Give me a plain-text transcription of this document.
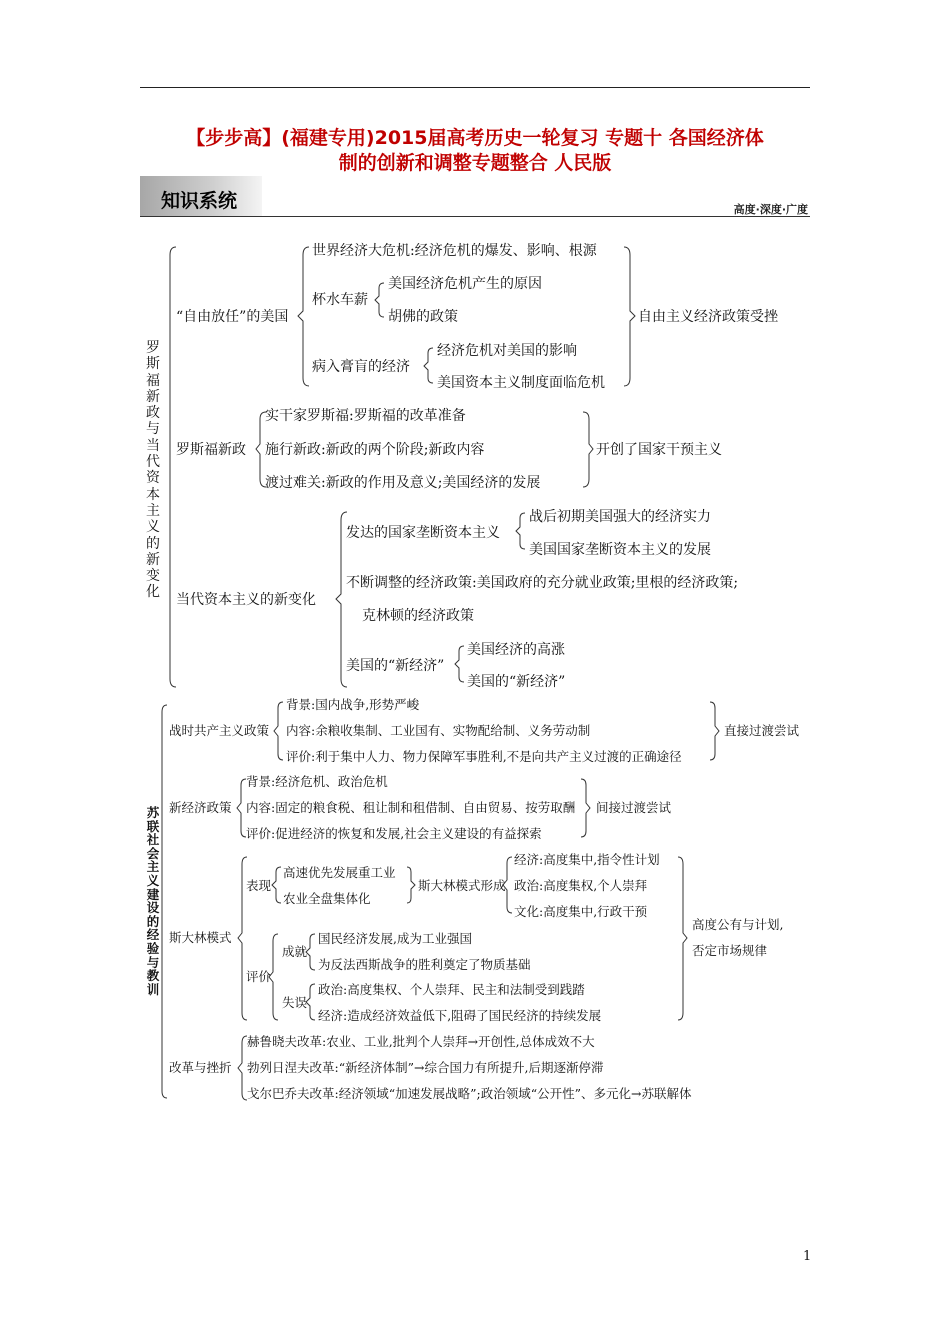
【步步高】(福建专用)2015届高考历史一轮复习 专题十 各国经济体
制的创新和调整专题整合 人民版
知识系统	高度·深度·广度
罗斯福新政与当代资本主义的新变化
“自由放任”的美国
世界经济大危机:经济危机的爆发、影响、根源
杯水车薪
美国经济危机产生的原因
胡佛的政策
病入膏肓的经济
经济危机对美国的影响
美国资本主义制度面临危机
自由主义经济政策受挫
罗斯福新政
实干家罗斯福:罗斯福的改革准备
施行新政:新政的两个阶段;新政内容
渡过难关:新政的作用及意义;美国经济的发展
开创了国家干预主义
当代资本主义的新变化
发达的国家垄断资本主义
战后初期美国强大的经济实力
美国国家垄断资本主义的发展
不断调整的经济政策:美国政府的充分就业政策;里根的经济政策;
克林顿的经济政策
美国的“新经济”
美国经济的高涨
美国的“新经济”
苏联社会主义建设的经验与教训
战时共产主义政策
背景:国内战争,形势严峻
内容:余粮收集制、工业国有、实物配给制、义务劳动制
评价:利于集中人力、物力保障军事胜利,不是向共产主义过渡的正确途径
直接过渡尝试
新经济政策
背景:经济危机、政治危机
内容:固定的粮食税、租让制和租借制、自由贸易、按劳取酬
评价:促进经济的恢复和发展,社会主义建设的有益探索
间接过渡尝试
斯大林模式
表现
高速优先发展重工业
农业全盘集体化
斯大林模式形成
经济:高度集中,指令性计划
政治:高度集权,个人崇拜
文化:高度集中,行政干预
评价
成就
国民经济发展,成为工业强国
为反法西斯战争的胜利奠定了物质基础
失误
政治:高度集权、个人崇拜、民主和法制受到践踏
经济:造成经济效益低下,阻碍了国民经济的持续发展
高度公有与计划,
否定市场规律
改革与挫折
赫鲁晓夫改革:农业、工业,批判个人崇拜→开创性,总体成效不大
勃列日涅夫改革:“新经济体制”→综合国力有所提升,后期逐渐停滞
戈尔巴乔夫改革:经济领域“加速发展战略”;政治领域“公开性”、多元化→苏联解体
1
